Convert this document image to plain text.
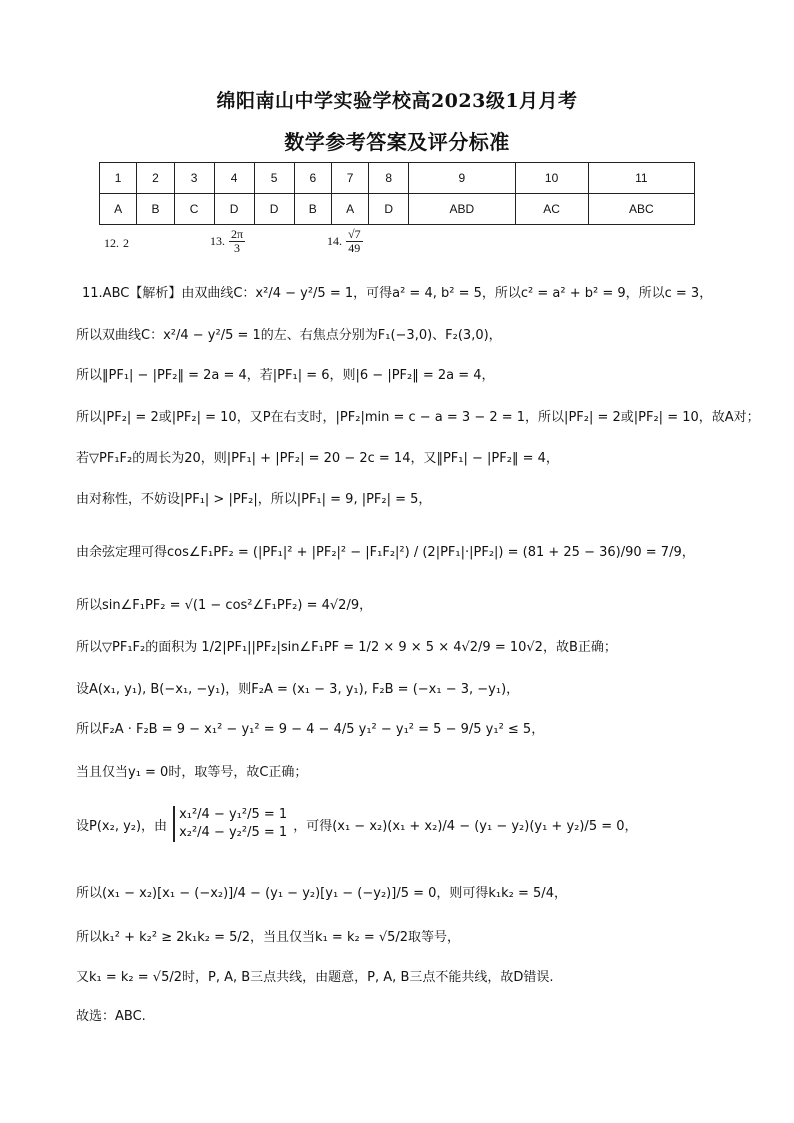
绵阳南山中学实验学校高2023级1月月考
数学参考答案及评分标准
1	2	3	4	5	6	7	8	9	10	11
A	B	C	D	D	B	A	D	ABD	AC	ABC
12. 2	13. $\frac{2\pi}{3}$	14. $\frac{√7}{49}$
11.ABC【解析】由双曲线C：x²/4 − y²/5 = 1，可得a² = 4, b² = 5，所以c² = a² + b² = 9，所以c = 3，
所以双曲线C：x²/4 − y²/5 = 1的左、右焦点分别为F₁(−3,0)、F₂(3,0)，
所以‖PF₁| − |PF₂‖ = 2a = 4，若|PF₁| = 6，则|6 − |PF₂‖ = 2a = 4，
所以|PF₂| = 2或|PF₂| = 10，又P在右支时，|PF₂|min = c − a = 3 − 2 = 1，所以|PF₂| = 2或|PF₂| = 10，故A对；
若▽PF₁F₂的周长为20，则|PF₁| + |PF₂| = 20 − 2c = 14，又‖PF₁| − |PF₂‖ = 4，
由对称性，不妨设|PF₁| > |PF₂|，所以|PF₁| = 9, |PF₂| = 5，
由余弦定理可得cos∠F₁PF₂ = (|PF₁|² + |PF₂|² − |F₁F₂|²) / (2|PF₁|·|PF₂|) = (81 + 25 − 36)/90 = 7/9，
所以sin∠F₁PF₂ = √(1 − cos²∠F₁PF₂) = 4√2/9，
所以▽PF₁F₂的面积为 1/2|PF₁||PF₂|sin∠F₁PF = 1/2 × 9 × 5 × 4√2/9 = 10√2，故B正确；
设A(x₁, y₁), B(−x₁, −y₁)，则F₂A = (x₁ − 3, y₁), F₂B = (−x₁ − 3, −y₁)，
所以F₂A · F₂B = 9 − x₁² − y₁² = 9 − 4 − 4/5 y₁² − y₁² = 5 − 9/5 y₁² ≤ 5，
当且仅当y₁ = 0时，取等号，故C正确；
设P(x₂, y₂)，由
x₁²/4 − y₁²/5 = 1
x₂²/4 − y₂²/5 = 1 ，可得(x₁ − x₂)(x₁ + x₂)/4 − (y₁ − y₂)(y₁ + y₂)/5 = 0，
所以(x₁ − x₂)[x₁ − (−x₂)]/4 − (y₁ − y₂)[y₁ − (−y₂)]/5 = 0，则可得k₁k₂ = 5/4，
所以k₁² + k₂² ≥ 2k₁k₂ = 5/2，当且仅当k₁ = k₂ = √5/2取等号，
又k₁ = k₂ = √5/2时，P, A, B三点共线，由题意，P, A, B三点不能共线，故D错误.
故选：ABC.
